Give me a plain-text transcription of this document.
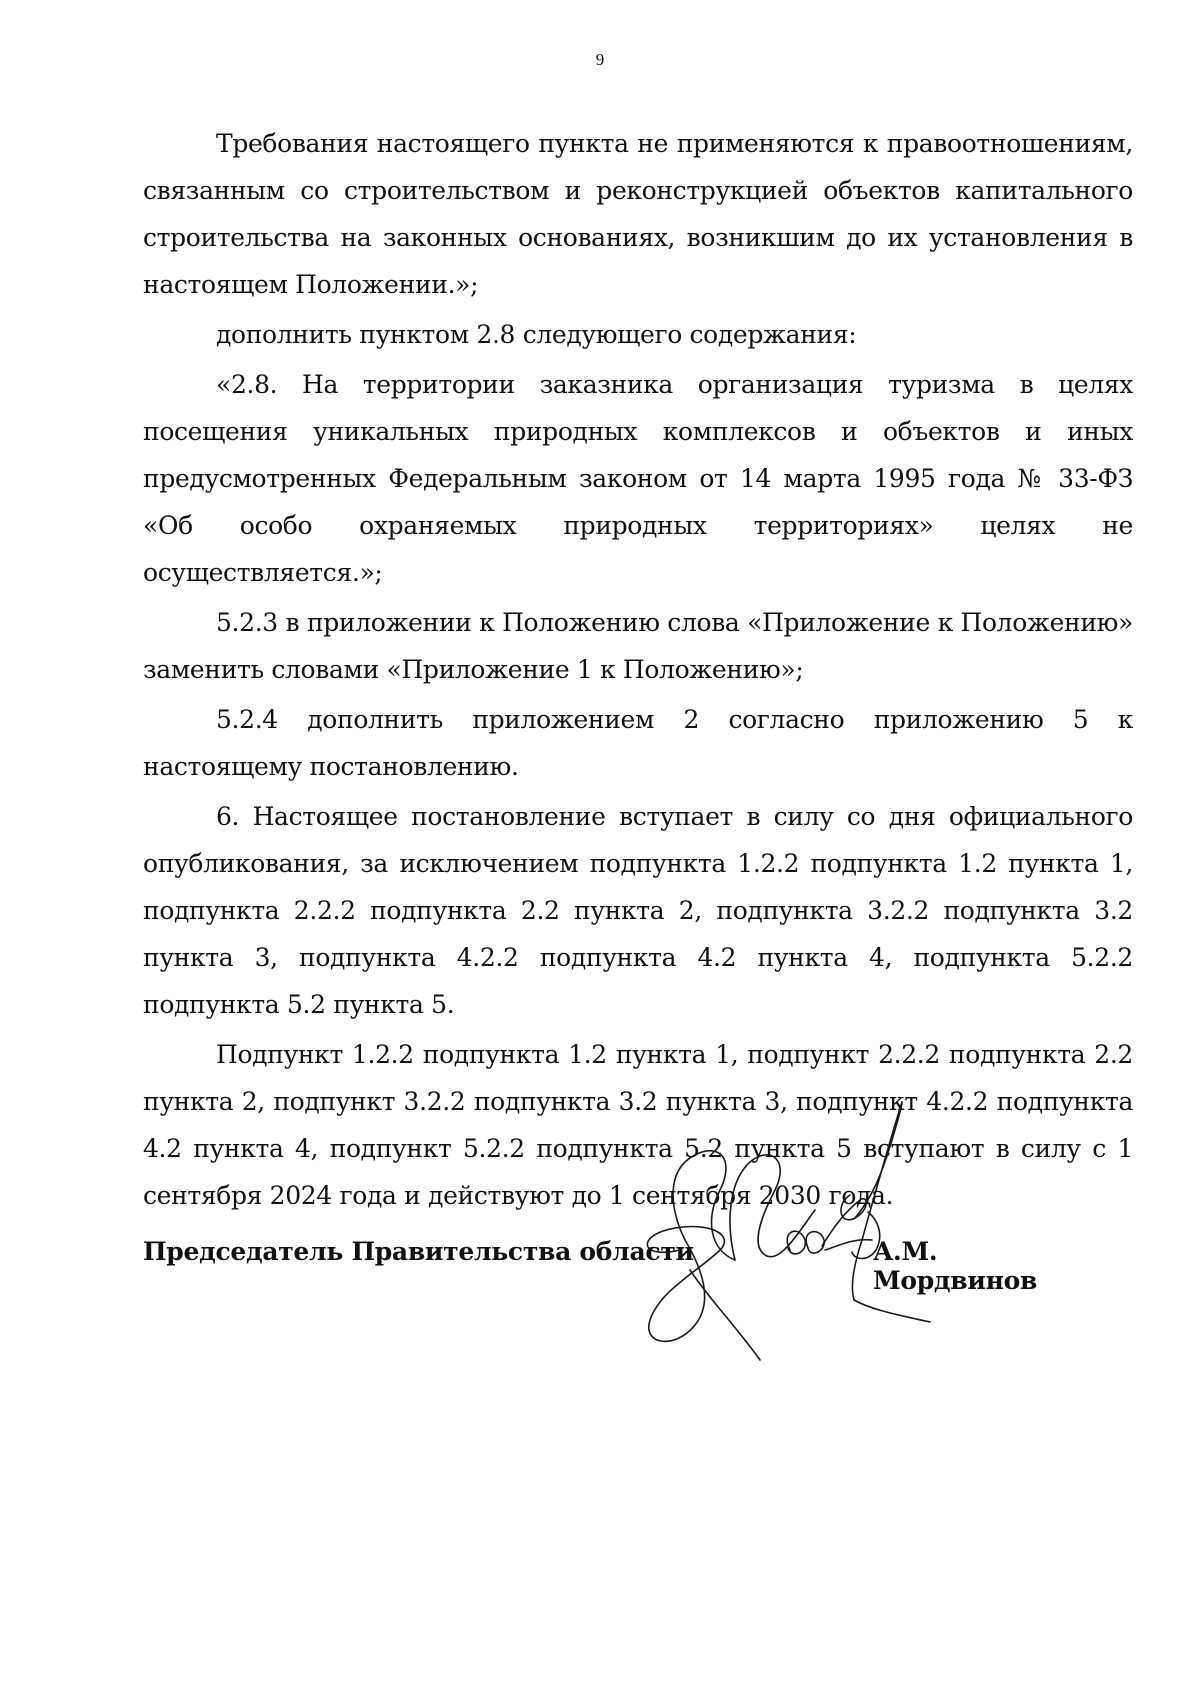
9

Требования настоящего пункта не применяются к правоотношениям, связанным со строительством и реконструкцией объектов капитального строительства на законных основаниях, возникшим до их установления в настоящем Положении.»;

дополнить пунктом 2.8 следующего содержания:

«2.8. На территории заказника организация туризма в целях посещения уникальных природных комплексов и объектов и иных предусмотренных Федеральным законом от 14 марта 1995 года № 33-ФЗ «Об особо охраняемых природных территориях» целях не осуществляется.»;

5.2.3 в приложении к Положению слова «Приложение к Положению» заменить словами «Приложение 1 к Положению»;

5.2.4 дополнить приложением 2 согласно приложению 5 к настоящему постановлению.

6. Настоящее постановление вступает в силу со дня официального опубликования, за исключением подпункта 1.2.2 подпункта 1.2 пункта 1, подпункта 2.2.2 подпункта 2.2 пункта 2, подпункта 3.2.2 подпункта 3.2 пункта 3, подпункта 4.2.2 подпункта 4.2 пункта 4, подпункта 5.2.2 подпункта 5.2 пункта 5.

Подпункт 1.2.2 подпункта 1.2 пункта 1, подпункт 2.2.2 подпункта 2.2 пункта 2, подпункт 3.2.2 подпункта 3.2 пункта 3, подпункт 4.2.2 подпункта 4.2 пункта 4, подпункт 5.2.2 подпункта 5.2 пункта 5 вступают в силу с 1 сентября 2024 года и действуют до 1 сентября 2030 года.

Председатель Правительства области	А.М. Мордвинов
